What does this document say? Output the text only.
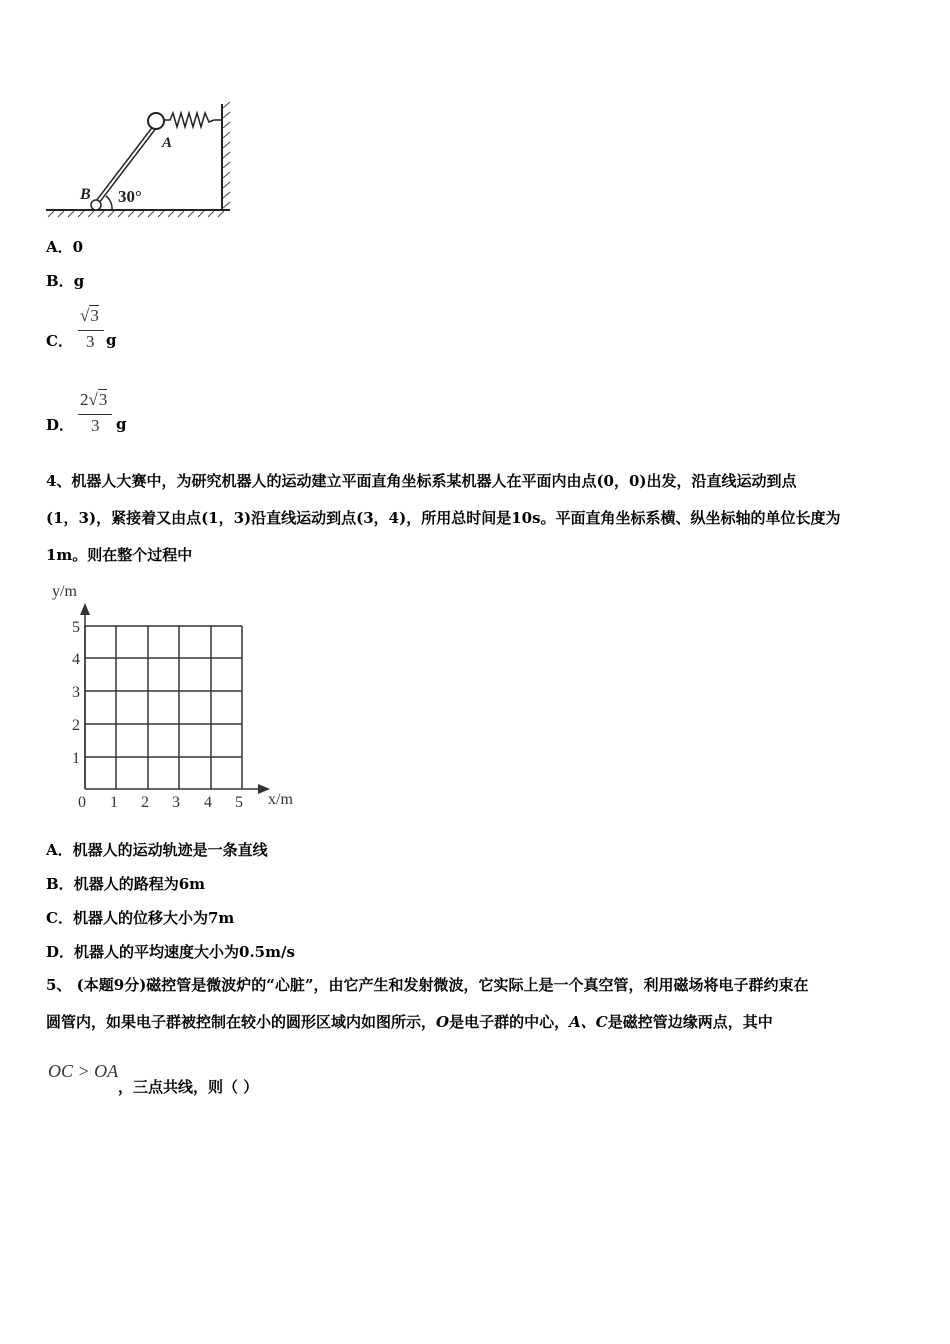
A
B 30°
A．0
B．g
C．
√3
3 g
D．
2√3
3 g
4、机器人大赛中，为研究机器人的运动建立平面直角坐标系某机器人在平面内由点(0，0)出发，沿直线运动到点
(1，3)，紧接着又由点(1，3)沿直线运动到点(3，4)，所用总时间是10s。平面直角坐标系横、纵坐标轴的单位长度为
1m。则在整个过程中
y/m
x/m
0 1 2 3 4 5
1
2
3
4
5
A．机器人的运动轨迹是一条直线
B．机器人的路程为6m
C．机器人的位移大小为7m
D．机器人的平均速度大小为0.5m/s
5、 (本题9分)磁控管是微波炉的“心脏”，由它产生和发射微波，它实际上是一个真空管，利用磁场将电子群约束在
圆管内，如果电子群被控制在较小的圆形区域内如图所示，O是电子群的中心，A、C是磁控管边缘两点，其中
OC > OA
，三点共线，则（ ）
